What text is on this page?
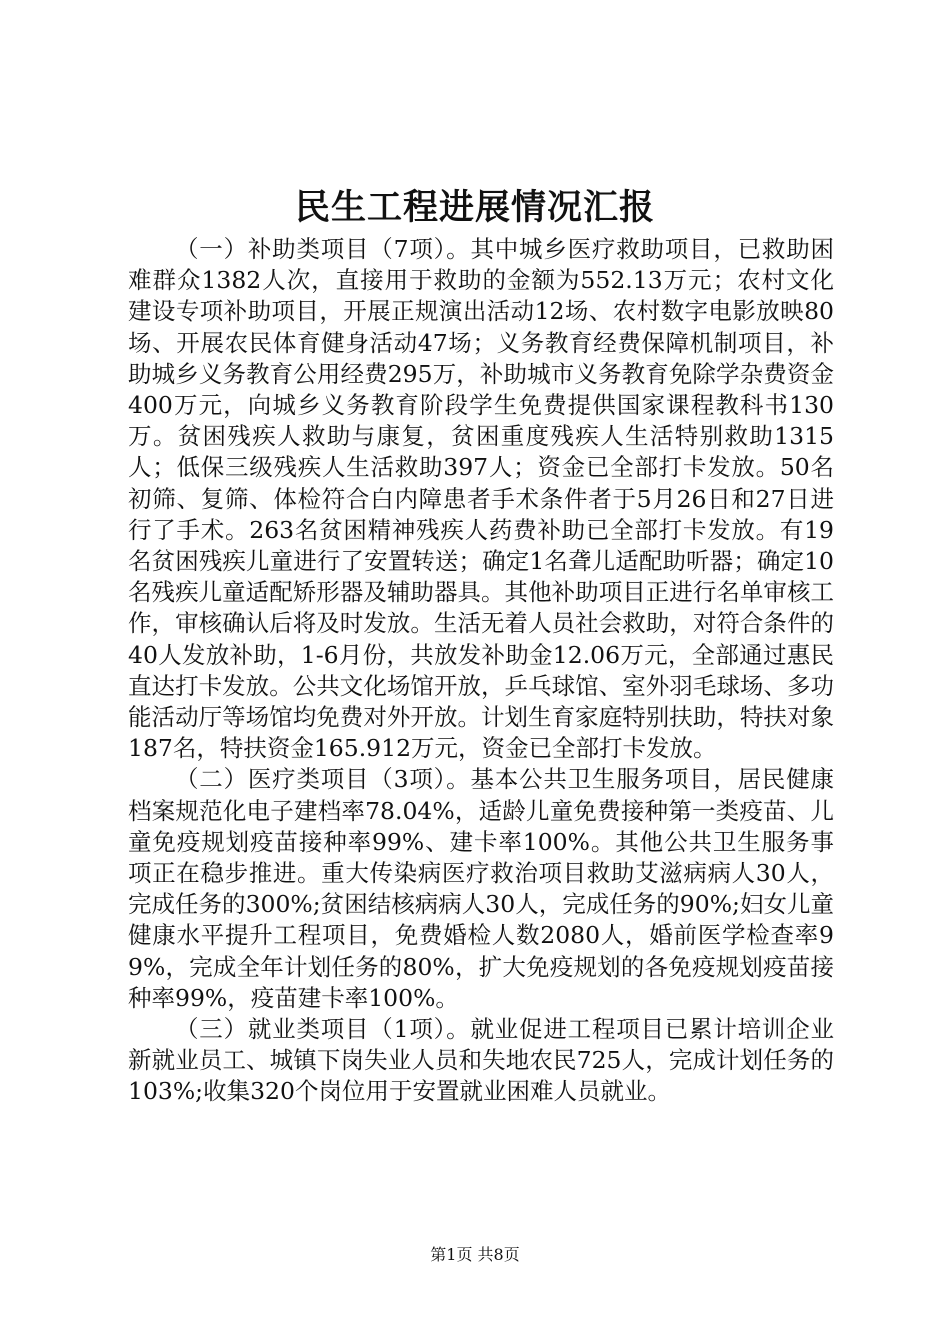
民生工程进展情况汇报

（一）补助类项目（7项）。其中城乡医疗救助项目，已救助困难群众1382人次，直接用于救助的金额为552.13万元；农村文化建设专项补助项目，开展正规演出活动12场、农村数字电影放映80场、开展农民体育健身活动47场；义务教育经费保障机制项目，补助城乡义务教育公用经费295万，补助城市义务教育免除学杂费资金400万元，向城乡义务教育阶段学生免费提供国家课程教科书130万。贫困残疾人救助与康复，贫困重度残疾人生活特别救助1315人；低保三级残疾人生活救助397人；资金已全部打卡发放。50名初筛、复筛、体检符合白内障患者手术条件者于5月26日和27日进行了手术。263名贫困精神残疾人药费补助已全部打卡发放。有19名贫困残疾儿童进行了安置转送；确定1名聋儿适配助听器；确定10名残疾儿童适配矫形器及辅助器具。其他补助项目正进行名单审核工作，审核确认后将及时发放。生活无着人员社会救助，对符合条件的40人发放补助，1-6月份，共放发补助金12.06万元，全部通过惠民直达打卡发放。公共文化场馆开放，乒乓球馆、室外羽毛球场、多功能活动厅等场馆均免费对外开放。计划生育家庭特别扶助，特扶对象187名，特扶资金165.912万元，资金已全部打卡发放。

（二）医疗类项目（3项）。基本公共卫生服务项目，居民健康档案规范化电子建档率78.04%，适龄儿童免费接种第一类疫苗、儿童免疫规划疫苗接种率99%、建卡率100%。其他公共卫生服务事项正在稳步推进。重大传染病医疗救治项目救助艾滋病病人30人，完成任务的300%;贫困结核病病人30人，完成任务的90%;妇女儿童健康水平提升工程项目，免费婚检人数2080人，婚前医学检查率99%，完成全年计划任务的80%，扩大免疫规划的各免疫规划疫苗接种率99%，疫苗建卡率100%。

（三）就业类项目（1项）。就业促进工程项目已累计培训企业新就业员工、城镇下岗失业人员和失地农民725人，完成计划任务的103%;收集320个岗位用于安置就业困难人员就业。

第1页 共8页
